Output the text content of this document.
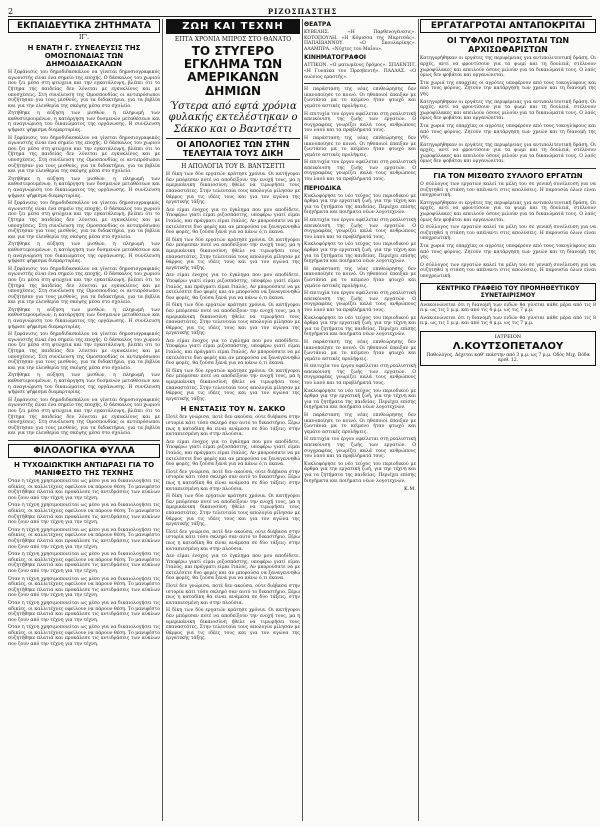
2	ΡΙΖΟΣΠΑΣΤΗΣ
ΕΚΠΑΙΔΕΥΤΙΚΑ ΖΗΤΗΜΑΤΑ
ΙΓ'.
Η ΕΝΑΤΗ Γ. ΣΥΝΕΛΕΥΣΙΣ ΤΗΣ ΟΜΟΣΠΟΝΔΙΑΣ ΤΩΝ ΔΗΜΟΔΙΔΑΣΚΑΛΩΝ
Η ξεφάνισις του δημοδιδασκάλου να γίνεται δημοσιογραφικός αγωνιστής είναι ένα σημείο της εποχής. Ο δάσκαλος του χωριού που ζει μέσα στη φτώχεια και την εγκατάλειψη, βλέπει ότι το ζήτημα της παιδείας δεν λύνεται με εγκυκλίους και με υποσχέσεις. Στη συνέλευση της Ομοσπονδίας οι αντιπρόσωποι συζήτησαν για τους μισθούς, για τα διδακτήρια, για τα βιβλία και για την ελευθερία της σκέψης μέσα στο σχολείο.
Ζητήθηκε η αύξηση των μισθών, η πληρωμή των καθυστερουμένων, η κατάργηση των δυσμενών μεταθέσεων και η αναγνώριση του δικαιώματος της οργάνωσης. Η συνέλευση ψήφισε ψήφισμα διαμαρτυρίας.
Η ξεφάνισις του δημοδιδασκάλου να γίνεται δημοσιογραφικός αγωνιστής είναι ένα σημείο της εποχής. Ο δάσκαλος του χωριού που ζει μέσα στη φτώχεια και την εγκατάλειψη, βλέπει ότι το ζήτημα της παιδείας δεν λύνεται με εγκυκλίους και με υποσχέσεις. Στη συνέλευση της Ομοσπονδίας οι αντιπρόσωποι συζήτησαν για τους μισθούς, για τα διδακτήρια, για τα βιβλία και για την ελευθερία της σκέψης μέσα στο σχολείο.
Ζητήθηκε η αύξηση των μισθών, η πληρωμή των καθυστερουμένων, η κατάργηση των δυσμενών μεταθέσεων και η αναγνώριση του δικαιώματος της οργάνωσης. Η συνέλευση ψήφισε ψήφισμα διαμαρτυρίας.
Η ξεφάνισις του δημοδιδασκάλου να γίνεται δημοσιογραφικός αγωνιστής είναι ένα σημείο της εποχής. Ο δάσκαλος του χωριού που ζει μέσα στη φτώχεια και την εγκατάλειψη, βλέπει ότι το ζήτημα της παιδείας δεν λύνεται με εγκυκλίους και με υποσχέσεις. Στη συνέλευση της Ομοσπονδίας οι αντιπρόσωποι συζήτησαν για τους μισθούς, για τα διδακτήρια, για τα βιβλία και για την ελευθερία της σκέψης μέσα στο σχολείο.
Ζητήθηκε η αύξηση των μισθών, η πληρωμή των καθυστερουμένων, η κατάργηση των δυσμενών μεταθέσεων και η αναγνώριση του δικαιώματος της οργάνωσης. Η συνέλευση ψήφισε ψήφισμα διαμαρτυρίας.
Η ξεφάνισις του δημοδιδασκάλου να γίνεται δημοσιογραφικός αγωνιστής είναι ένα σημείο της εποχής. Ο δάσκαλος του χωριού που ζει μέσα στη φτώχεια και την εγκατάλειψη, βλέπει ότι το ζήτημα της παιδείας δεν λύνεται με εγκυκλίους και με υποσχέσεις. Στη συνέλευση της Ομοσπονδίας οι αντιπρόσωποι συζήτησαν για τους μισθούς, για τα διδακτήρια, για τα βιβλία και για την ελευθερία της σκέψης μέσα στο σχολείο.
Ζητήθηκε η αύξηση των μισθών, η πληρωμή των καθυστερουμένων, η κατάργηση των δυσμενών μεταθέσεων και η αναγνώριση του δικαιώματος της οργάνωσης. Η συνέλευση ψήφισε ψήφισμα διαμαρτυρίας.
Η ξεφάνισις του δημοδιδασκάλου να γίνεται δημοσιογραφικός αγωνιστής είναι ένα σημείο της εποχής. Ο δάσκαλος του χωριού που ζει μέσα στη φτώχεια και την εγκατάλειψη, βλέπει ότι το ζήτημα της παιδείας δεν λύνεται με εγκυκλίους και με υποσχέσεις. Στη συνέλευση της Ομοσπονδίας οι αντιπρόσωποι συζήτησαν για τους μισθούς, για τα διδακτήρια, για τα βιβλία και για την ελευθερία της σκέψης μέσα στο σχολείο.
Ζητήθηκε η αύξηση των μισθών, η πληρωμή των καθυστερουμένων, η κατάργηση των δυσμενών μεταθέσεων και η αναγνώριση του δικαιώματος της οργάνωσης. Η συνέλευση ψήφισε ψήφισμα διαμαρτυρίας.
Η ξεφάνισις του δημοδιδασκάλου να γίνεται δημοσιογραφικός αγωνιστής είναι ένα σημείο της εποχής. Ο δάσκαλος του χωριού που ζει μέσα στη φτώχεια και την εγκατάλειψη, βλέπει ότι το ζήτημα της παιδείας δεν λύνεται με εγκυκλίους και με υποσχέσεις. Στη συνέλευση της Ομοσπονδίας οι αντιπρόσωποι συζήτησαν για τους μισθούς, για τα διδακτήρια, για τα βιβλία και για την ελευθερία της σκέψης μέσα στο σχολείο.
ΦΙΛΟΛΟΓΙΚΑ ΦΥΛΛΑ
Η ΤΥΧΟΔΙΩΚΤΙΚΗ ΑΝΤΙΔΡΑΣΙ ΓΙΑ ΤΟ ΜΑΝΙΦΕΣΤΟ ΤΗΣ ΤΕΧΝΗΣ
Όταν η τέχνη χρησιμοποιείται ως μέσο για να δικαιολογήσει τις αδικίες, οι καλλιτέχνες οφείλουν να πάρουν θέση. Το μανιφέστο συζητήθηκε πλατιά και προκάλεσε τις αντιδράσεις των κύκλων που ζουν από την τέχνη για την τέχνη.
Όταν η τέχνη χρησιμοποιείται ως μέσο για να δικαιολογήσει τις αδικίες, οι καλλιτέχνες οφείλουν να πάρουν θέση. Το μανιφέστο συζητήθηκε πλατιά και προκάλεσε τις αντιδράσεις των κύκλων που ζουν από την τέχνη για την τέχνη.
Όταν η τέχνη χρησιμοποιείται ως μέσο για να δικαιολογήσει τις αδικίες, οι καλλιτέχνες οφείλουν να πάρουν θέση. Το μανιφέστο συζητήθηκε πλατιά και προκάλεσε τις αντιδράσεις των κύκλων που ζουν από την τέχνη για την τέχνη.
Όταν η τέχνη χρησιμοποιείται ως μέσο για να δικαιολογήσει τις αδικίες, οι καλλιτέχνες οφείλουν να πάρουν θέση. Το μανιφέστο συζητήθηκε πλατιά και προκάλεσε τις αντιδράσεις των κύκλων που ζουν από την τέχνη για την τέχνη.
Όταν η τέχνη χρησιμοποιείται ως μέσο για να δικαιολογήσει τις αδικίες, οι καλλιτέχνες οφείλουν να πάρουν θέση. Το μανιφέστο συζητήθηκε πλατιά και προκάλεσε τις αντιδράσεις των κύκλων που ζουν από την τέχνη για την τέχνη.
Όταν η τέχνη χρησιμοποιείται ως μέσο για να δικαιολογήσει τις αδικίες, οι καλλιτέχνες οφείλουν να πάρουν θέση. Το μανιφέστο συζητήθηκε πλατιά και προκάλεσε τις αντιδράσεις των κύκλων που ζουν από την τέχνη για την τέχνη.
Όταν η τέχνη χρησιμοποιείται ως μέσο για να δικαιολογήσει τις αδικίες, οι καλλιτέχνες οφείλουν να πάρουν θέση. Το μανιφέστο συζητήθηκε πλατιά και προκάλεσε τις αντιδράσεις των κύκλων που ζουν από την τέχνη για την τέχνη.
ΖΩΗ ΚΑΙ ΤΕΧΝΗ
ΕΠΤΑ ΧΡΟΝΙΑ ΜΠΡΟΣ ΣΤΟ ΘΑΝΑΤΟ
ΤΟ ΣΤΥΓΕΡΟ ΕΓΚΛΗΜΑ ΤΩΝ ΑΜΕΡΙΚΑΝΩΝ ΔΗΜΙΩΝ
Ύστερα από εφτά χρόνια φυλακής εκτελέστηκαν ο Σάκκο και ο Βαντσέττι
ΟΙ ΑΠΟΛΟΓΙΕΣ ΤΩΝ ΣΤΗΝ ΤΕΛΕΥΤΑΙΑ ΤΟΥΣ ΔΙΚΗ
Η ΑΠΟΛΟΓΙΑ ΤΟΥ Β. ΒΑΝΤΣΕΤΤΙ
Η δίκη των δύο εργατών κράτησε χρόνια. Οι κατήγοροι δεν μπόρεσαν ποτέ να αποδείξουν την ενοχή τους, μα η αμερικάνικη δικαιοσύνη ήθελε να τιμωρήσει τους επαναστάτες. Στην τελευταία τους απολογία μίλησαν με θάρρος για τις ιδέες τους και για τον αγώνα της εργατικής τάξης.
Δεν είμαι ένοχος για το έγκλημα που μου αποδίδετε. Υποφέρω γιατί είμαι ριζοσπάστης, υποφέρω γιατί είμαι Ιταλός, και πράγματι είμαι Ιταλός. Αν μπορούσατε να με εκτελέσετε δυο φορές και αν μπορούσα να ξαναγεννηθώ δυο φορές, θα ζούσα ξανά για να κάνω ό,τι έκανα.
Η δίκη των δύο εργατών κράτησε χρόνια. Οι κατήγοροι δεν μπόρεσαν ποτέ να αποδείξουν την ενοχή τους, μα η αμερικάνικη δικαιοσύνη ήθελε να τιμωρήσει τους επαναστάτες. Στην τελευταία τους απολογία μίλησαν με θάρρος για τις ιδέες τους και για τον αγώνα της εργατικής τάξης.
Δεν είμαι ένοχος για το έγκλημα που μου αποδίδετε. Υποφέρω γιατί είμαι ριζοσπάστης, υποφέρω γιατί είμαι Ιταλός, και πράγματι είμαι Ιταλός. Αν μπορούσατε να με εκτελέσετε δυο φορές και αν μπορούσα να ξαναγεννηθώ δυο φορές, θα ζούσα ξανά για να κάνω ό,τι έκανα.
Η δίκη των δύο εργατών κράτησε χρόνια. Οι κατήγοροι δεν μπόρεσαν ποτέ να αποδείξουν την ενοχή τους, μα η αμερικάνικη δικαιοσύνη ήθελε να τιμωρήσει τους επαναστάτες. Στην τελευταία τους απολογία μίλησαν με θάρρος για τις ιδέες τους και για τον αγώνα της εργατικής τάξης.
Δεν είμαι ένοχος για το έγκλημα που μου αποδίδετε. Υποφέρω γιατί είμαι ριζοσπάστης, υποφέρω γιατί είμαι Ιταλός, και πράγματι είμαι Ιταλός. Αν μπορούσατε να με εκτελέσετε δυο φορές και αν μπορούσα να ξαναγεννηθώ δυο φορές, θα ζούσα ξανά για να κάνω ό,τι έκανα.
Η δίκη των δύο εργατών κράτησε χρόνια. Οι κατήγοροι δεν μπόρεσαν ποτέ να αποδείξουν την ενοχή τους, μα η αμερικάνικη δικαιοσύνη ήθελε να τιμωρήσει τους επαναστάτες. Στην τελευταία τους απολογία μίλησαν με θάρρος για τις ιδέες τους και για τον αγώνα της εργατικής τάξης.
Η ΕΝΣΤΑΣΙΣ ΤΟΥ Ν. ΣΑΚΚΟ
Ποτέ δεν γνώρισα, ποτέ δεν ακούσα, ούτε διάβασα στην ιστορία κάτι τόσο σκληρό σαν αυτό το δικαστήριο. Ξέρω πως η καταδίκη θα είναι ανάμεσα σε δύο τάξεις: στην καταπιεσμένη και στην πλούσια.
Δεν είμαι ένοχος για το έγκλημα που μου αποδίδετε. Υποφέρω γιατί είμαι ριζοσπάστης, υποφέρω γιατί είμαι Ιταλός, και πράγματι είμαι Ιταλός. Αν μπορούσατε να με εκτελέσετε δυο φορές και αν μπορούσα να ξαναγεννηθώ δυο φορές, θα ζούσα ξανά για να κάνω ό,τι έκανα.
Ποτέ δεν γνώρισα, ποτέ δεν ακούσα, ούτε διάβασα στην ιστορία κάτι τόσο σκληρό σαν αυτό το δικαστήριο. Ξέρω πως η καταδίκη θα είναι ανάμεσα σε δύο τάξεις: στην καταπιεσμένη και στην πλούσια.
Η δίκη των δύο εργατών κράτησε χρόνια. Οι κατήγοροι δεν μπόρεσαν ποτέ να αποδείξουν την ενοχή τους, μα η αμερικάνικη δικαιοσύνη ήθελε να τιμωρήσει τους επαναστάτες. Στην τελευταία τους απολογία μίλησαν με θάρρος για τις ιδέες τους και για τον αγώνα της εργατικής τάξης.
Ποτέ δεν γνώρισα, ποτέ δεν ακούσα, ούτε διάβασα στην ιστορία κάτι τόσο σκληρό σαν αυτό το δικαστήριο. Ξέρω πως η καταδίκη θα είναι ανάμεσα σε δύο τάξεις: στην καταπιεσμένη και στην πλούσια.
Δεν είμαι ένοχος για το έγκλημα που μου αποδίδετε. Υποφέρω γιατί είμαι ριζοσπάστης, υποφέρω γιατί είμαι Ιταλός, και πράγματι είμαι Ιταλός. Αν μπορούσατε να με εκτελέσετε δυο φορές και αν μπορούσα να ξαναγεννηθώ δυο φορές, θα ζούσα ξανά για να κάνω ό,τι έκανα.
Ποτέ δεν γνώρισα, ποτέ δεν ακούσα, ούτε διάβασα στην ιστορία κάτι τόσο σκληρό σαν αυτό το δικαστήριο. Ξέρω πως η καταδίκη θα είναι ανάμεσα σε δύο τάξεις: στην καταπιεσμένη και στην πλούσια.
Η δίκη των δύο εργατών κράτησε χρόνια. Οι κατήγοροι δεν μπόρεσαν ποτέ να αποδείξουν την ενοχή τους, μα η αμερικάνικη δικαιοσύνη ήθελε να τιμωρήσει τους επαναστάτες. Στην τελευταία τους απολογία μίλησαν με θάρρος για τις ιδέες τους και για τον αγώνα της εργατικής τάξης.
ΘΕΑΤΡΑ
ΚΥΒΕΛΗΣ. «Η Παρθενογένεσις». ΚΟΤΟΠΟΥΛΗ. «Η Κόμισσα της Μαριτσάς». ΠΑΠΑΪΩΑΝΝΟΥ. «Ο Σκουλαρίκης». ΑΛΑΜΠΡΑ. «Νύχτες του Μαΐου».
ΚΙΝΗΜΑΤΟΓΡΑΦΟΙ
ΑΤΤΙΚΟΝ. «Ο ματωμένος δρόμος». ΣΠΛΕΝΤΙΤ. «Η Γυναίκα του Πρεσβευτή». ΠΑΛΛΑΣ. «Ο αιώνιος εραστής».
Η παράσταση της νέας επιθεώρησης δεν ικανοποίησε το κοινό. Οι ηθοποιοί έπαιξαν με ζωντάνια μα το κείμενο ήταν φτωχό και γεμάτο αστικές προλήψεις.
Η επιτυχία του έργου οφείλεται στη ρεαλιστική απεικόνιση της ζωής των εργατών. Ο συγγραφέας γνωρίζει καλά τους ανθρώπους του λαού και τα προβλήματά τους.
Η παράσταση της νέας επιθεώρησης δεν ικανοποίησε το κοινό. Οι ηθοποιοί έπαιξαν με ζωντάνια μα το κείμενο ήταν φτωχό και γεμάτο αστικές προλήψεις.
Η επιτυχία του έργου οφείλεται στη ρεαλιστική απεικόνιση της ζωής των εργατών. Ο συγγραφέας γνωρίζει καλά τους ανθρώπους του λαού και τα προβλήματά τους.
ΠΕΡΙΟΔΙΚΑ
Κυκλοφόρησε το νέο τεύχος του περιοδικού με άρθρα για την εργατική ζωή, για την τέχνη και για τα ζητήματα της παιδείας. Περιέχει επίσης διηγήματα και ποιήματα νέων λογοτεχνών.
Η επιτυχία του έργου οφείλεται στη ρεαλιστική απεικόνιση της ζωής των εργατών. Ο συγγραφέας γνωρίζει καλά τους ανθρώπους του λαού και τα προβλήματά τους.
Κυκλοφόρησε το νέο τεύχος του περιοδικού με άρθρα για την εργατική ζωή, για την τέχνη και για τα ζητήματα της παιδείας. Περιέχει επίσης διηγήματα και ποιήματα νέων λογοτεχνών.
Η παράσταση της νέας επιθεώρησης δεν ικανοποίησε το κοινό. Οι ηθοποιοί έπαιξαν με ζωντάνια μα το κείμενο ήταν φτωχό και γεμάτο αστικές προλήψεις.
Η επιτυχία του έργου οφείλεται στη ρεαλιστική απεικόνιση της ζωής των εργατών. Ο συγγραφέας γνωρίζει καλά τους ανθρώπους του λαού και τα προβλήματά τους.
Κυκλοφόρησε το νέο τεύχος του περιοδικού με άρθρα για την εργατική ζωή, για την τέχνη και για τα ζητήματα της παιδείας. Περιέχει επίσης διηγήματα και ποιήματα νέων λογοτεχνών.
Η παράσταση της νέας επιθεώρησης δεν ικανοποίησε το κοινό. Οι ηθοποιοί έπαιξαν με ζωντάνια μα το κείμενο ήταν φτωχό και γεμάτο αστικές προλήψεις.
Η επιτυχία του έργου οφείλεται στη ρεαλιστική απεικόνιση της ζωής των εργατών. Ο συγγραφέας γνωρίζει καλά τους ανθρώπους του λαού και τα προβλήματά τους.
Κυκλοφόρησε το νέο τεύχος του περιοδικού με άρθρα για την εργατική ζωή, για την τέχνη και για τα ζητήματα της παιδείας. Περιέχει επίσης διηγήματα και ποιήματα νέων λογοτεχνών.
Η παράσταση της νέας επιθεώρησης δεν ικανοποίησε το κοινό. Οι ηθοποιοί έπαιξαν με ζωντάνια μα το κείμενο ήταν φτωχό και γεμάτο αστικές προλήψεις.
Η επιτυχία του έργου οφείλεται στη ρεαλιστική απεικόνιση της ζωής των εργατών. Ο συγγραφέας γνωρίζει καλά τους ανθρώπους του λαού και τα προβλήματά τους.
Κυκλοφόρησε το νέο τεύχος του περιοδικού με άρθρα για την εργατική ζωή, για την τέχνη και για τα ζητήματα της παιδείας. Περιέχει επίσης διηγήματα και ποιήματα νέων λογοτεχνών.
Κ.Μ.
ΕΡΓΑΤΑΓΡΟΤΑΙ ΑΝΤΑΠΟΚΡΙΤΑΙ
ΟΙ ΤΥΦΛΟΙ ΠΡΟΣΤΑΤΑΙ ΤΩΝ ΑΡΧΙΣΩΦΑΡΙΣΤΩΝ
Κατηγορήθηκαν οι εργάτες της περιφέρειας για αντιπολιτευτική δράση. Οι αρχές, αντί να φροντίσουν για τα ψωμί και τη δουλειά, στέλνουν χωροφύλακες και απειλούν όσους μιλούν για τα δικαιώματά τους. Ο λαός όμως δεν φοβάται και οργανώνεται.
Στα χωριά της επαρχίας οι αγρότες υποφέρουν από τους τοκογλύφους και από τους φόρους. Ζητούν την κατάργηση των χρεών και τη διανομή της γης.
Κατηγορήθηκαν οι εργάτες της περιφέρειας για αντιπολιτευτική δράση. Οι αρχές, αντί να φροντίσουν για τα ψωμί και τη δουλειά, στέλνουν χωροφύλακες και απειλούν όσους μιλούν για τα δικαιώματά τους. Ο λαός όμως δεν φοβάται και οργανώνεται.
Στα χωριά της επαρχίας οι αγρότες υποφέρουν από τους τοκογλύφους και από τους φόρους. Ζητούν την κατάργηση των χρεών και τη διανομή της γης.
Κατηγορήθηκαν οι εργάτες της περιφέρειας για αντιπολιτευτική δράση. Οι αρχές, αντί να φροντίσουν για τα ψωμί και τη δουλειά, στέλνουν χωροφύλακες και απειλούν όσους μιλούν για τα δικαιώματά τους. Ο λαός όμως δεν φοβάται και οργανώνεται.
ΓΙΑ ΤΟΝ ΜΙΣΘΩΤΟ ΣΥΛΛΟΓΟ ΕΡΓΑΤΩΝ
Ο σύλλογος των εργατών καλεί τα μέλη του σε γενική συνέλευση για να συζητηθεί η στάση του απέναντι στις απολύσεις. Η παρουσία όλων είναι υποχρεωτική.
Κατηγορήθηκαν οι εργάτες της περιφέρειας για αντιπολιτευτική δράση. Οι αρχές, αντί να φροντίσουν για τα ψωμί και τη δουλειά, στέλνουν χωροφύλακες και απειλούν όσους μιλούν για τα δικαιώματά τους. Ο λαός όμως δεν φοβάται και οργανώνεται.
Ο σύλλογος των εργατών καλεί τα μέλη του σε γενική συνέλευση για να συζητηθεί η στάση του απέναντι στις απολύσεις. Η παρουσία όλων είναι υποχρεωτική.
Στα χωριά της επαρχίας οι αγρότες υποφέρουν από τους τοκογλύφους και από τους φόρους. Ζητούν την κατάργηση των χρεών και τη διανομή της γης.
Ο σύλλογος των εργατών καλεί τα μέλη του σε γενική συνέλευση για να συζητηθεί η στάση του απέναντι στις απολύσεις. Η παρουσία όλων είναι υποχρεωτική.
ΚΕΝΤΡΙΚΟ ΓΡΑΦΕΙΟ ΤΟΥ ΠΡΟΜΗΘΕΥΤΙΚΟΥ ΣΥΝΕΤΑΙΡΙΣΜΟΥ
Ανακοινώνεται ότι η διανομή των ειδών θα γίνεται κάθε μέρα από τις 8 π.μ. ως τις 1 μ.μ. και από τις 4 μ.μ. ως τις 7 μ.μ.
Ανακοινώνεται ότι η διανομή των ειδών θα γίνεται κάθε μέρα από τις 8 π.μ. ως τις 1 μ.μ. και από τις 4 μ.μ. ως τις 7 μ.μ.
ΙΑΤΡΕΙΟΝ
Λ.ΚΟΥΤΣΟΠΕΤΑΛΟΥ
Παθολόγος. Δέχεται καθ' εκάστην από 3 μ.μ. ως 7 μ.μ. Οδός Μιχ. Βόδα αριθ. 12.
